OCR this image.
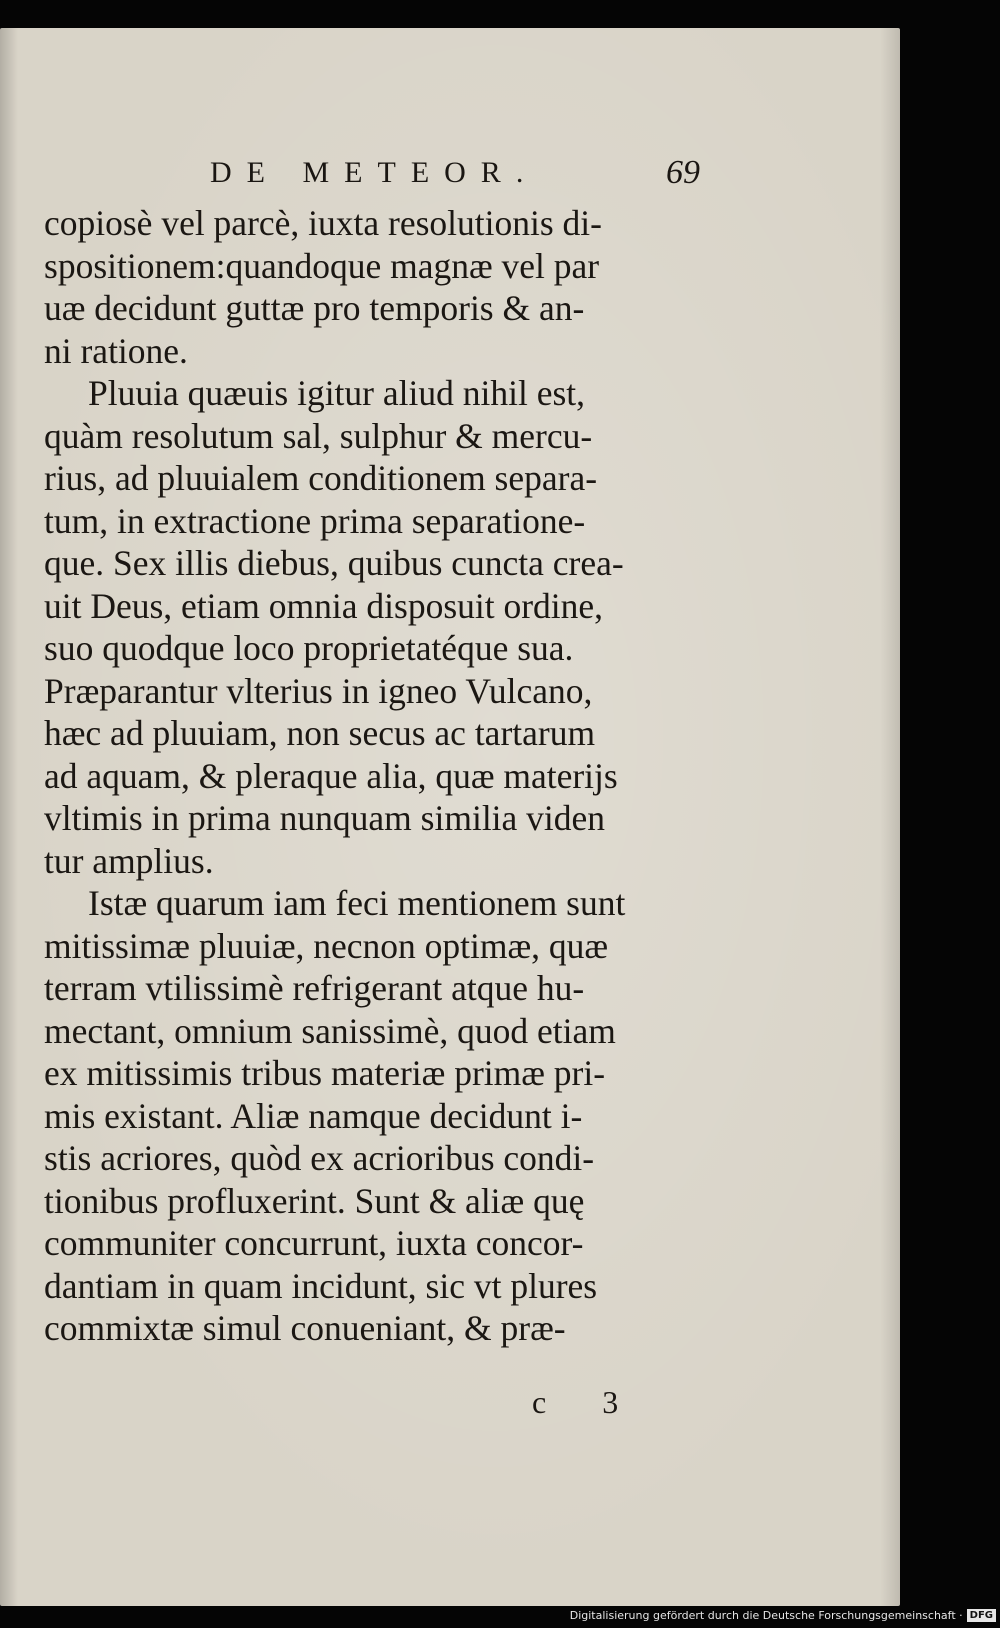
DE METEOR.	69
copiosè vel parcè, iuxta resolutionis di-
spositionem:quandoque magnæ vel par
uæ decidunt guttæ pro temporis & an-
ni ratione.
Pluuia quæuis igitur aliud nihil est,
quàm resolutum sal, sulphur & mercu-
rius, ad pluuialem conditionem separa-
tum, in extractione prima separatione-
que. Sex illis diebus, quibus cuncta crea-
uit Deus, etiam omnia disposuit ordine,
suo quodque loco proprietatéque sua.
Præparantur vlterius in igneo Vulcano,
hæc ad pluuiam, non secus ac tartarum
ad aquam, & pleraque alia, quæ materijs
vltimis in prima nunquam similia viden
tur amplius.
Istæ quarum iam feci mentionem sunt
mitissimæ pluuiæ, necnon optimæ, quæ
terram vtilissimè refrigerant atque hu-
mectant, omnium sanissimè, quod etiam
ex mitissimis tribus materiæ primæ pri-
mis existant. Aliæ namque decidunt i-
stis acriores, quòd ex acrioribus condi-
tionibus profluxerint. Sunt & aliæ quę
communiter concurrunt, iuxta concor-
dantiam in quam incidunt, sic vt plures
commixtæ simul conueniant, & præ-
c 3
Digitalisierung gefördert durch die Deutsche Forschungsgemeinschaft · DFG
